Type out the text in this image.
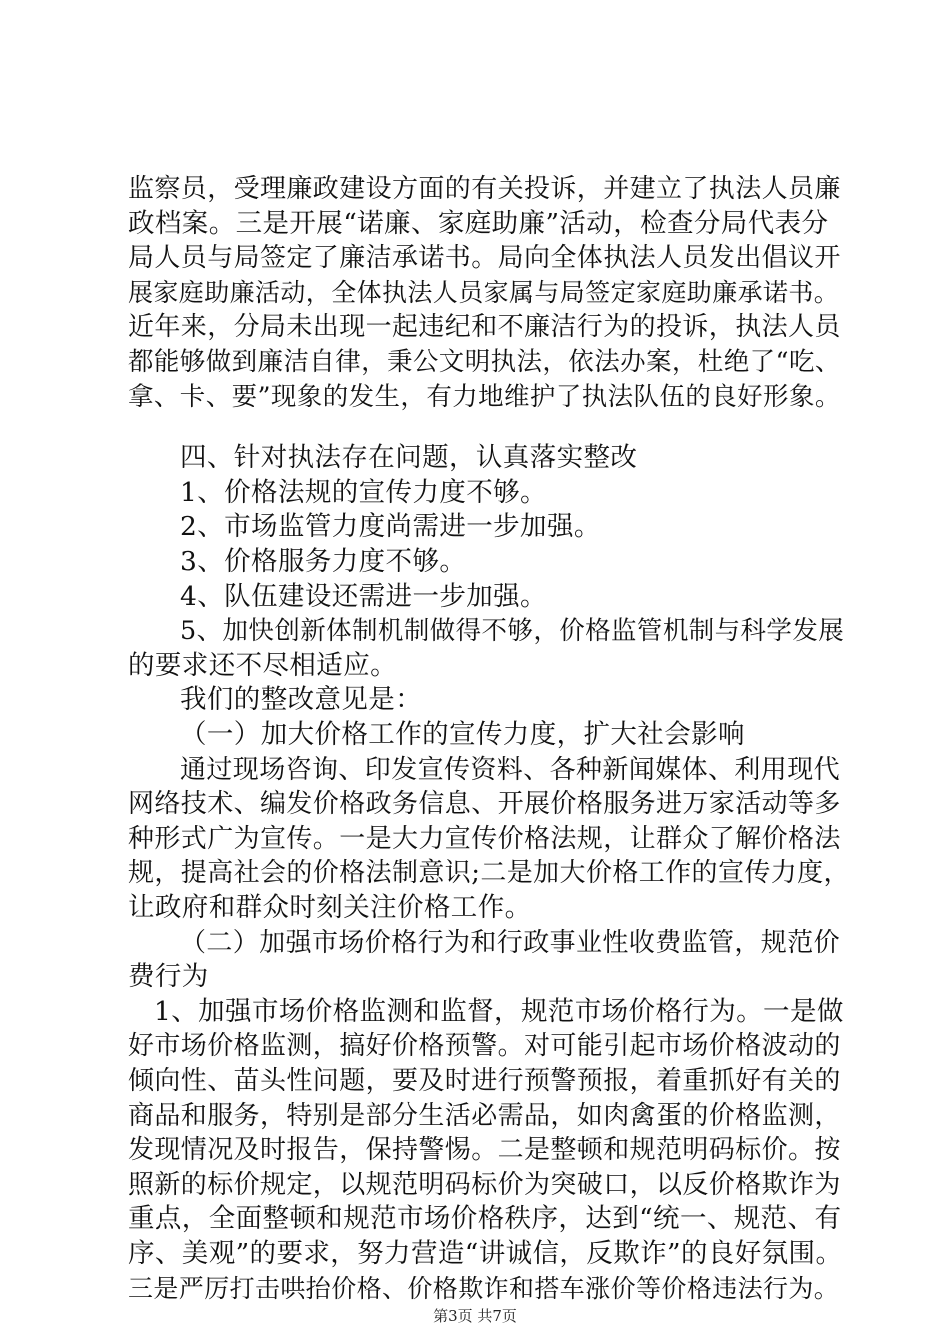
监察员，受理廉政建设方面的有关投诉，并建立了执法人员廉
政档案。三是开展“诺廉、家庭助廉”活动，检查分局代表分
局人员与局签定了廉洁承诺书。局向全体执法人员发出倡议开
展家庭助廉活动，全体执法人员家属与局签定家庭助廉承诺书。
近年来，分局未出现一起违纪和不廉洁行为的投诉，执法人员
都能够做到廉洁自律，秉公文明执法，依法办案，杜绝了“吃、
拿、卡、要”现象的发生，有力地维护了执法队伍的良好形象。
四、针对执法存在问题，认真落实整改
1、价格法规的宣传力度不够。
2、市场监管力度尚需进一步加强。
3、价格服务力度不够。
4、队伍建设还需进一步加强。
5、加快创新体制机制做得不够，价格监管机制与科学发展
的要求还不尽相适应。
我们的整改意见是：
（一）加大价格工作的宣传力度，扩大社会影响
通过现场咨询、印发宣传资料、各种新闻媒体、利用现代
网络技术、编发价格政务信息、开展价格服务进万家活动等多
种形式广为宣传。一是大力宣传价格法规，让群众了解价格法
规，提高社会的价格法制意识;二是加大价格工作的宣传力度，
让政府和群众时刻关注价格工作。
（二）加强市场价格行为和行政事业性收费监管，规范价
费行为
1、加强市场价格监测和监督，规范市场价格行为。一是做
好市场价格监测，搞好价格预警。对可能引起市场价格波动的
倾向性、苗头性问题，要及时进行预警预报，着重抓好有关的
商品和服务，特别是部分生活必需品，如肉禽蛋的价格监测，
发现情况及时报告，保持警惕。二是整顿和规范明码标价。按
照新的标价规定，以规范明码标价为突破口，以反价格欺诈为
重点，全面整顿和规范市场价格秩序，达到“统一、规范、有
第3页 共7页
序、美观”的要求，努力营造“讲诚信，反欺诈”的良好氛围。
三是严厉打击哄抬价格、价格欺诈和搭车涨价等价格违法行为。
